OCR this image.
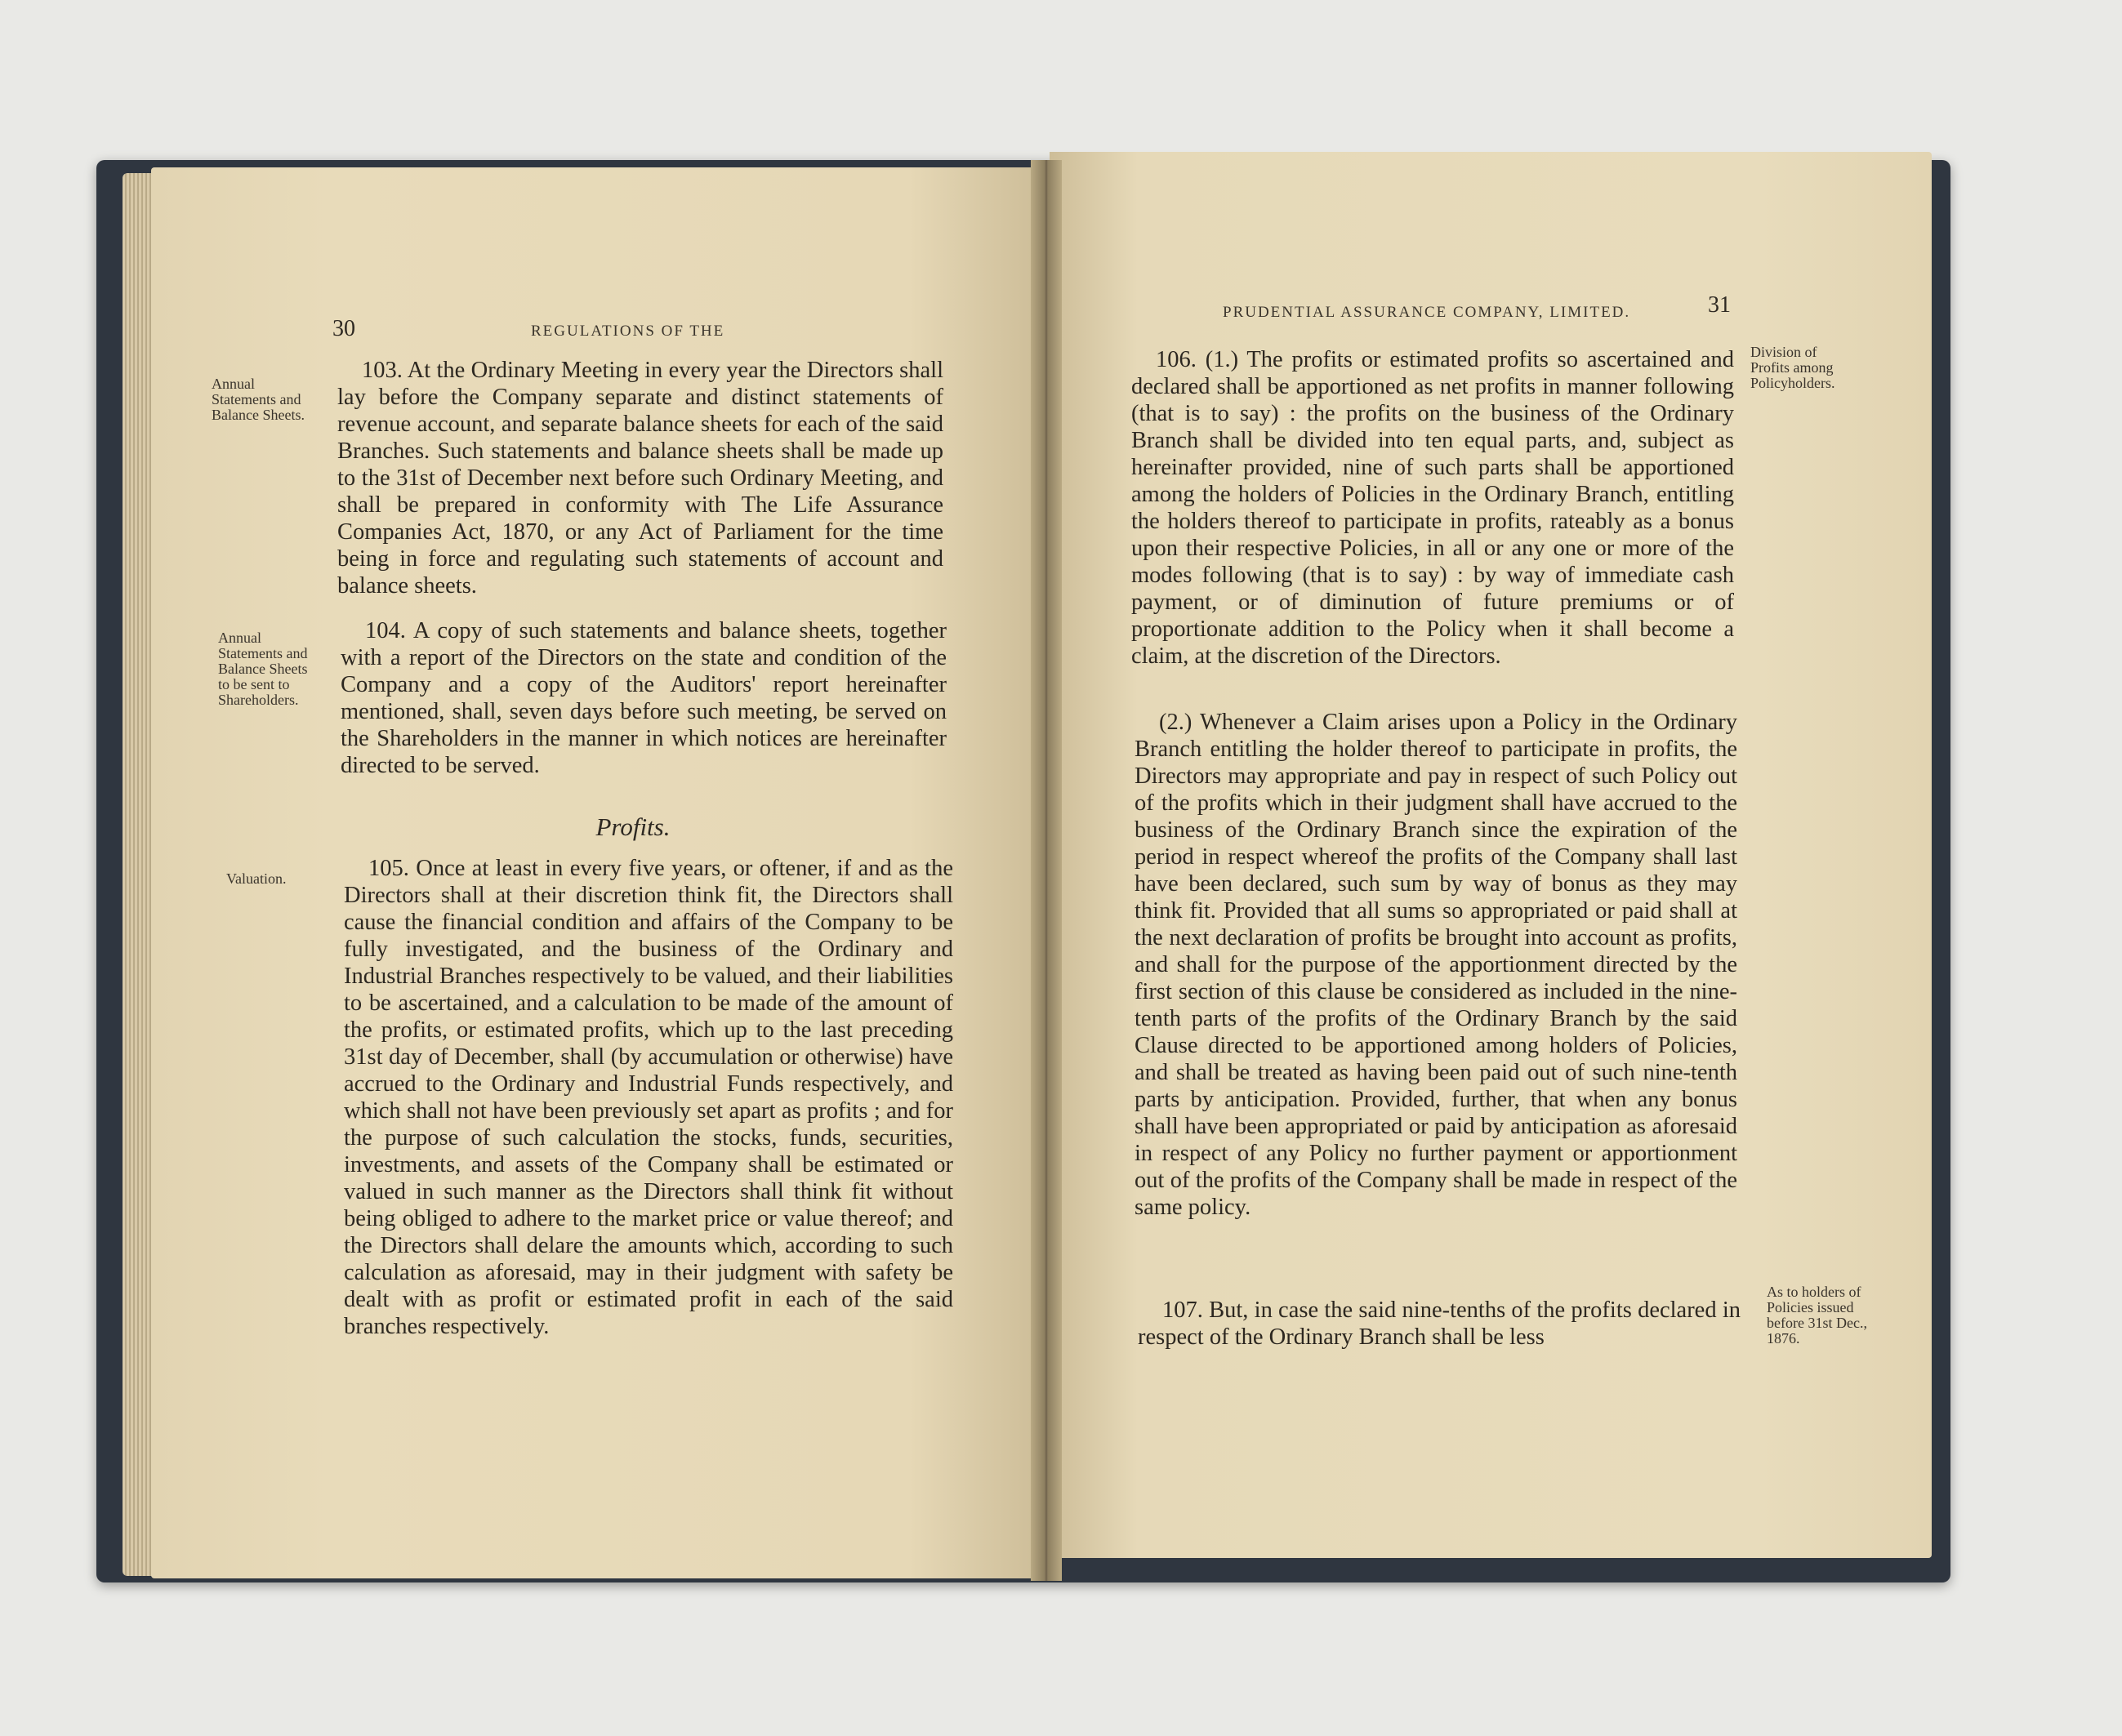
30	REGULATIONS OF THE
Annual Statements and Balance Sheets.
Annual Statements and Balance Sheets to be sent to Shareholders.
Valuation.
103. At the Ordinary Meeting in every year the Directors shall lay before the Company separate and distinct statements of revenue account, and separate balance sheets for each of the said Branches. Such statements and balance sheets shall be made up to the 31st of December next before such Ordinary Meeting, and shall be prepared in conformity with The Life Assurance Companies Act, 1870, or any Act of Parliament for the time being in force and regulating such statements of account and balance sheets.
104. A copy of such statements and balance sheets, together with a report of the Directors on the state and condition of the Company and a copy of the Auditors' report hereinafter mentioned, shall, seven days before such meeting, be served on the Shareholders in the manner in which notices are hereinafter directed to be served.
Profits.
105. Once at least in every five years, or oftener, if and as the Directors shall at their discretion think fit, the Directors shall cause the financial condition and affairs of the Company to be fully investigated, and the business of the Ordinary and Industrial Branches respectively to be valued, and their liabilities to be ascertained, and a calculation to be made of the amount of the profits, or estimated profits, which up to the last preceding 31st day of December, shall (by accumulation or otherwise) have accrued to the Ordinary and Industrial Funds respectively, and which shall not have been previously set apart as profits ; and for the purpose of such calculation the stocks, funds, securities, investments, and assets of the Company shall be estimated or valued in such manner as the Directors shall think fit without being obliged to adhere to the market price or value thereof; and the Directors shall delare the amounts which, according to such calculation as aforesaid, may in their judgment with safety be dealt with as profit or estimated profit in each of the said branches respectively.
PRUDENTIAL ASSURANCE COMPANY, LIMITED.	31
Division of Profits among Policyholders.
As to holders of Policies issued before 31st Dec., 1876.
106. (1.) The profits or estimated profits so ascertained and declared shall be apportioned as net profits in manner following (that is to say) : the profits on the business of the Ordinary Branch shall be divided into ten equal parts, and, subject as hereinafter provided, nine of such parts shall be apportioned among the holders of Policies in the Ordinary Branch, entitling the holders thereof to participate in profits, rateably as a bonus upon their respective Policies, in all or any one or more of the modes following (that is to say) : by way of immediate cash payment, or of diminution of future premiums or of proportionate addition to the Policy when it shall become a claim, at the discretion of the Directors.
(2.) Whenever a Claim arises upon a Policy in the Ordinary Branch entitling the holder thereof to participate in profits, the Directors may appropriate and pay in respect of such Policy out of the profits which in their judgment shall have accrued to the business of the Ordinary Branch since the expiration of the period in respect whereof the profits of the Company shall last have been declared, such sum by way of bonus as they may think fit. Provided that all sums so appropriated or paid shall at the next declaration of profits be brought into account as profits, and shall for the purpose of the apportionment directed by the first section of this clause be considered as included in the nine-tenth parts of the profits of the Ordinary Branch by the said Clause directed to be apportioned among holders of Policies, and shall be treated as having been paid out of such nine-tenth parts by anticipation. Provided, further, that when any bonus shall have been appropriated or paid by anticipation as aforesaid in respect of any Policy no further payment or apportionment out of the profits of the Company shall be made in respect of the same policy.
107. But, in case the said nine-tenths of the profits declared in respect of the Ordinary Branch shall be less
